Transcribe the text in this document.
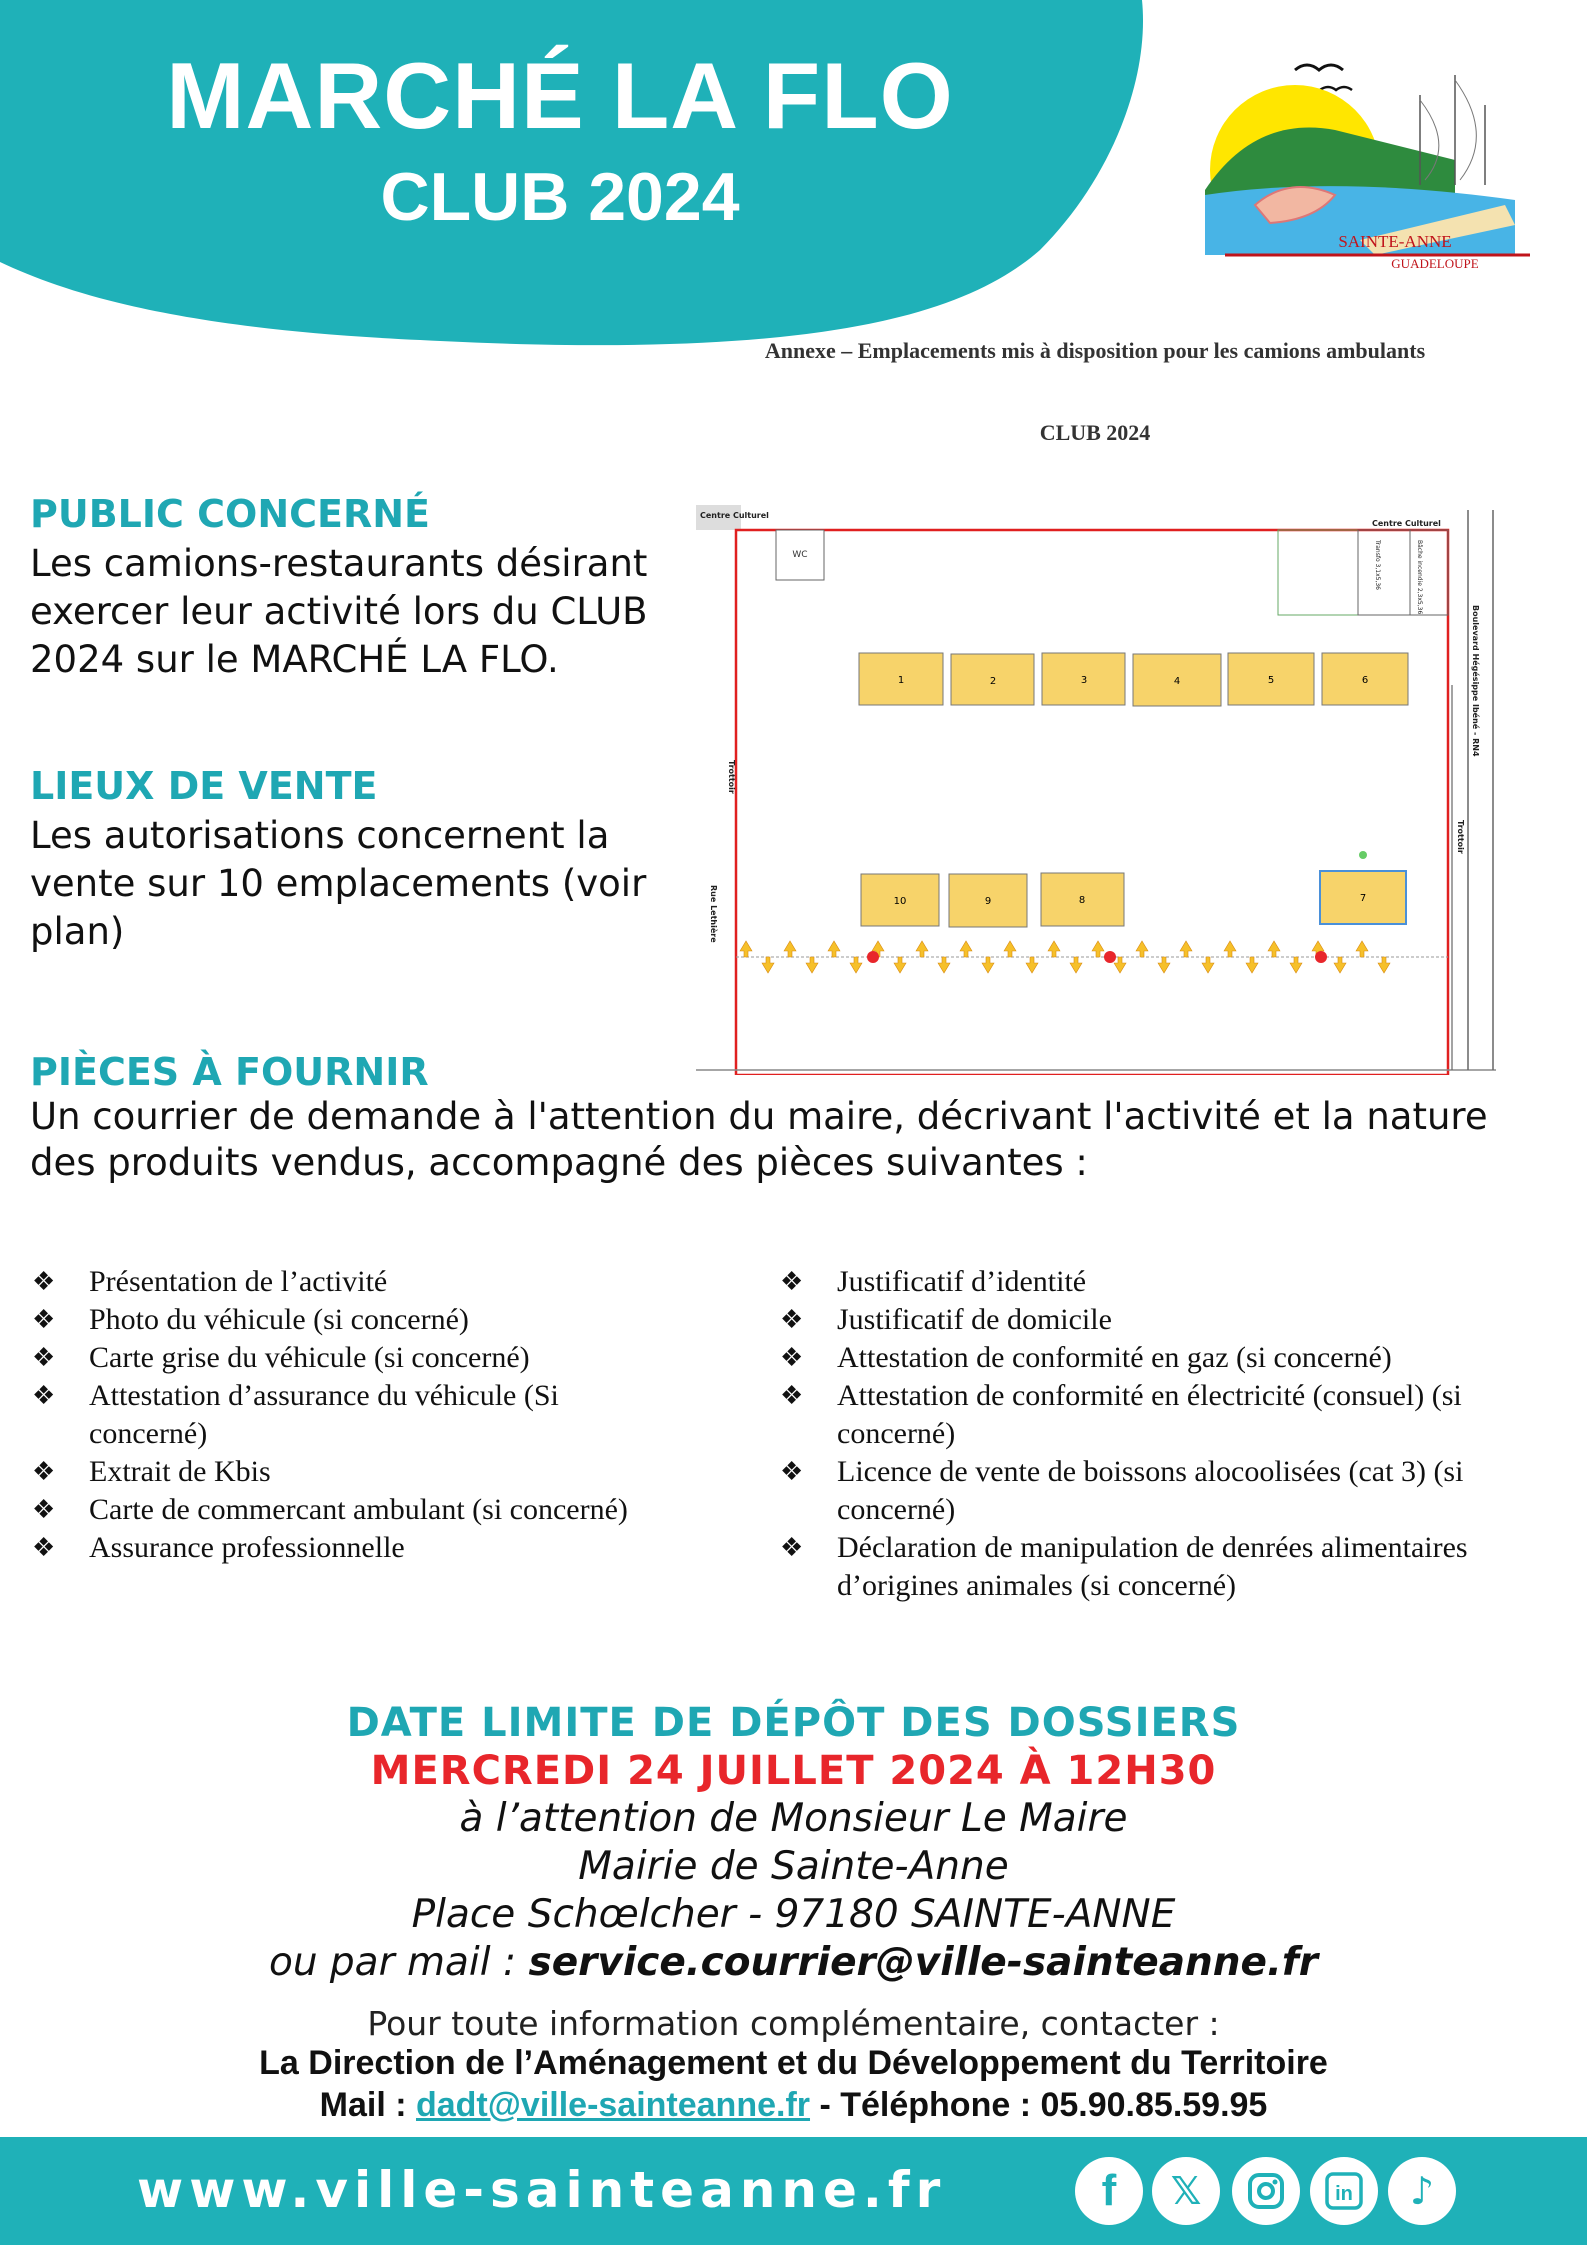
MARCHÉ LA FLO
CLUB 2024
SAINTE-ANNE
GUADELOUPE
Annexe – Emplacements mis à disposition pour les camions ambulants
CLUB 2024
PUBLIC CONCERNÉ
Les camions-restaurants désirant exercer leur activité lors du CLUB 2024 sur le MARCHÉ LA FLO.
LIEUX DE VENTE
Les autorisations concernent la vente sur 10 emplacements (voir plan)
WC
Centre Culturel
Centre Culturel
Transfo 3,1x5,36	Bâche incendie 2,3x5,36
Boulevard Hégésippe Ibéné - RN4
Trottoir
Trottoir
Rue Lethière
1	2	3	4	5	6
10	9	8	7
PIÈCES À FOURNIR
Un courrier de demande à l'attention du maire, décrivant l'activité et la nature des produits vendus, accompagné des pièces suivantes :
❖ Présentation de l’activité
❖ Photo du véhicule (si concerné)
❖ Carte grise du véhicule (si concerné)
❖ Attestation d’assurance du véhicule (Si concerné)
❖ Extrait de Kbis
❖ Carte de commercant ambulant (si concerné)
❖ Assurance professionnelle
❖ Justificatif d’identité
❖ Justificatif de domicile
❖ Attestation de conformité en gaz (si concerné)
❖ Attestation de conformité en électricité (consuel) (si concerné)
❖ Licence de vente de boissons alocoolisées (cat 3) (si concerné)
❖ Déclaration de manipulation de denrées alimentaires d’origines animales (si concerné)
DATE LIMITE DE DÉPÔT DES DOSSIERS
MERCREDI 24 JUILLET 2024 À 12H30
à l’attention de Monsieur Le Maire
Mairie de Sainte-Anne
Place Schœlcher - 97180 SAINTE-ANNE
ou par mail : service.courrier@ville-sainteanne.fr
Pour toute information complémentaire, contacter :
La Direction de l’Aménagement et du Développement du Territoire
Mail : dadt@ville-sainteanne.fr - Téléphone : 05.90.85.59.95
www.ville-sainteanne.fr	f 𝕏	in ♪
